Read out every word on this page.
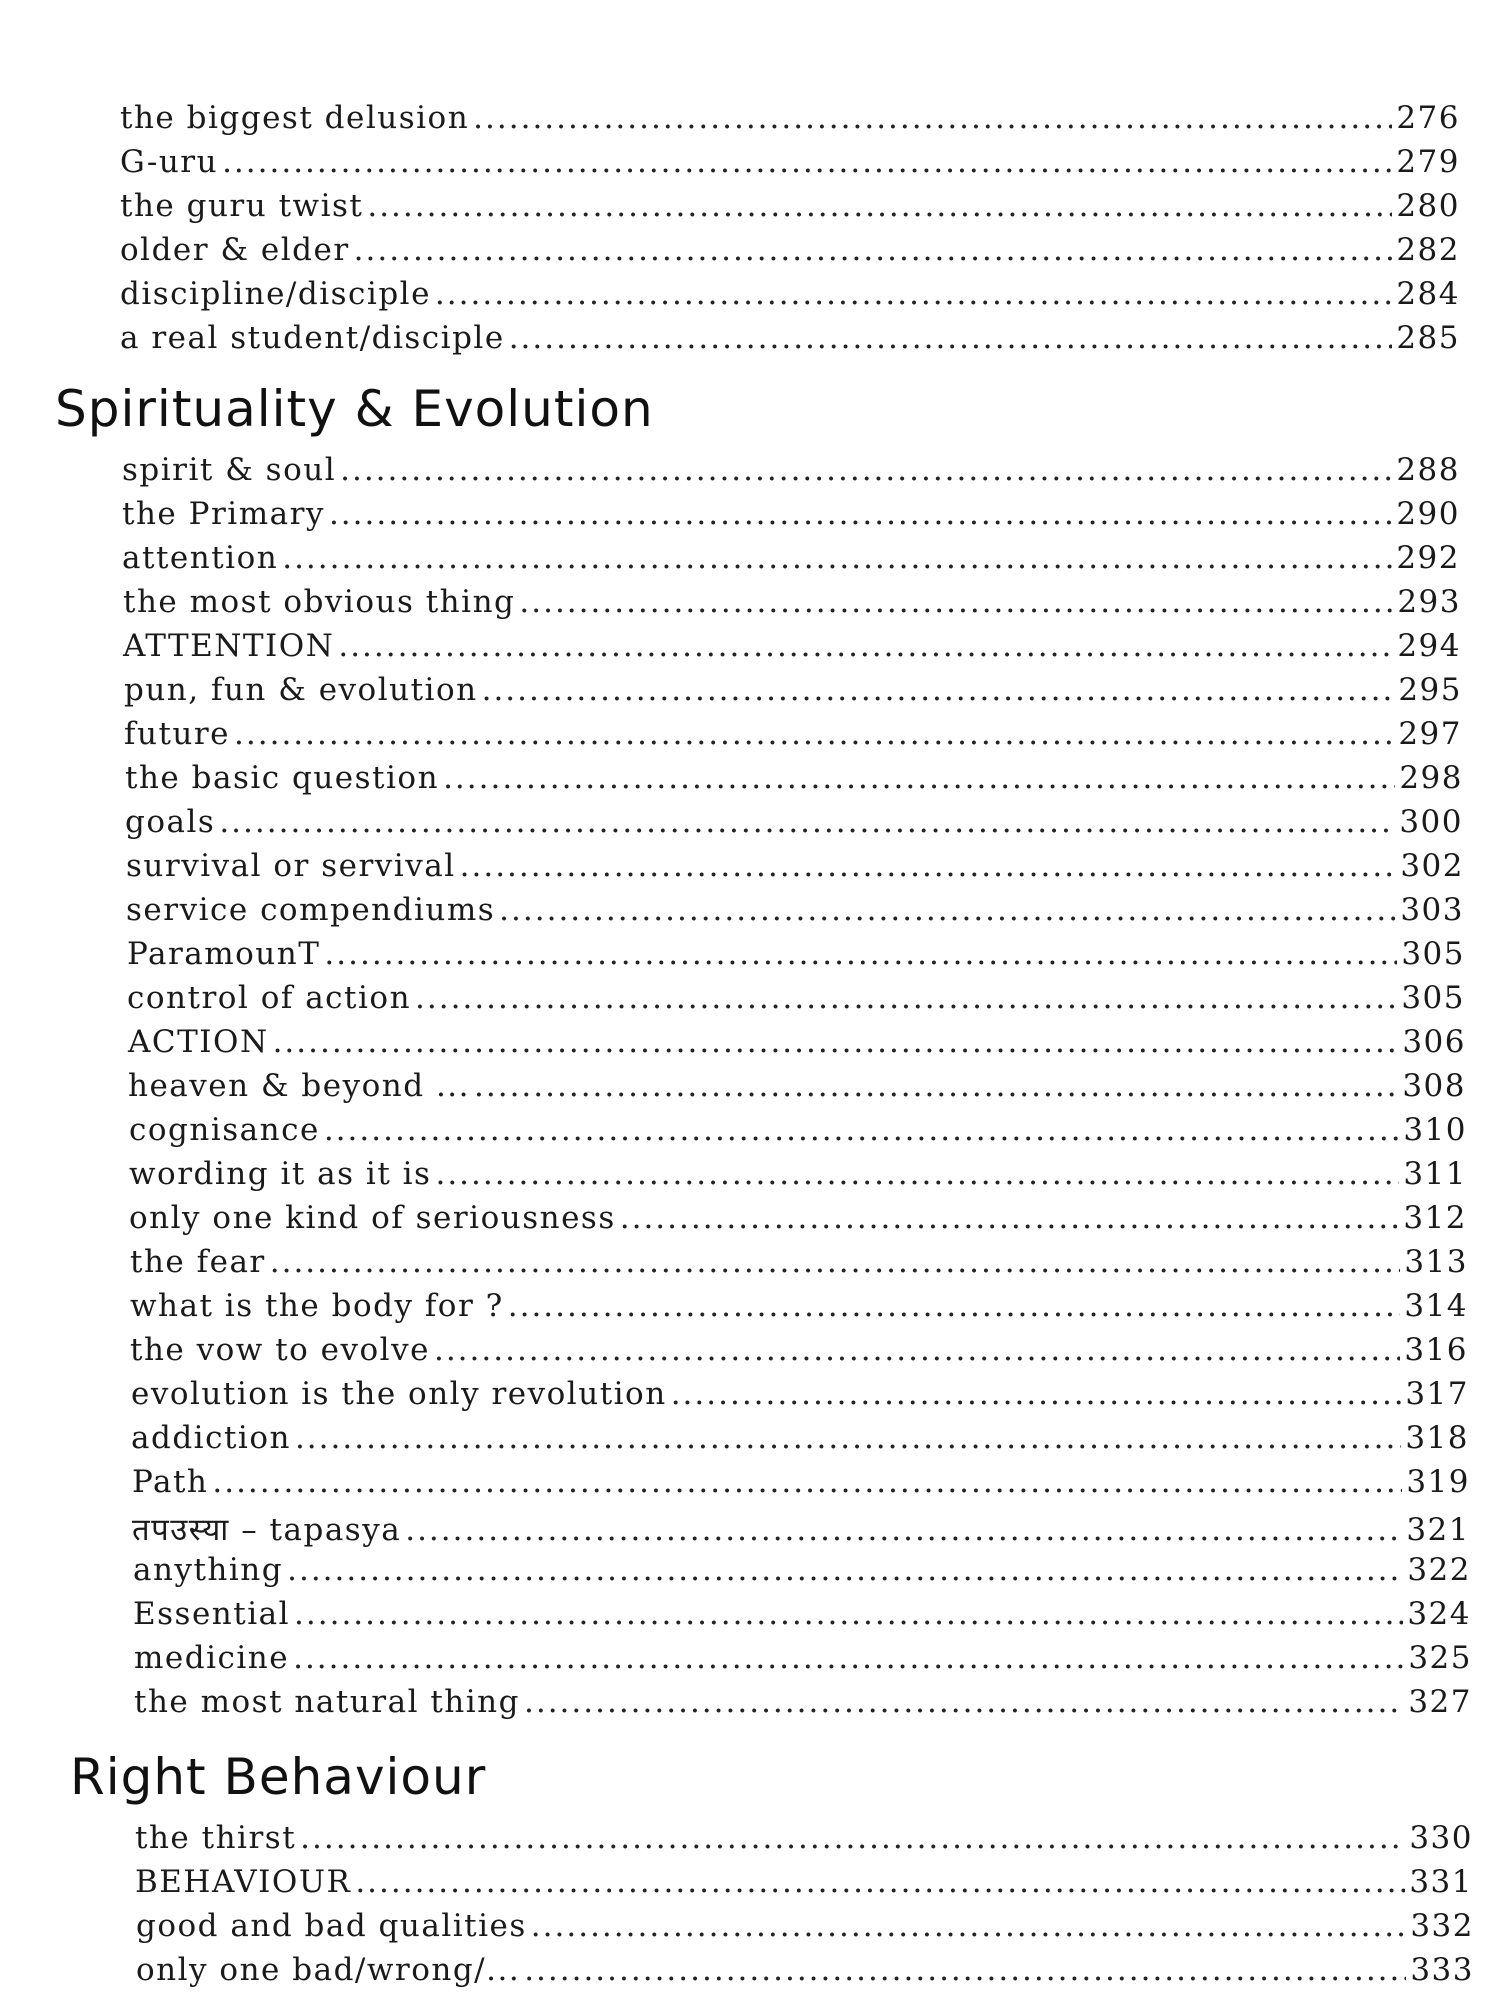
the biggest delusion .....	276
G-uru .....	279
the guru twist .....	280
older & elder .....	282
discipline/disciple .....	284
a real student/disciple .....	285
Spirituality & Evolution
spirit & soul .....	288
the Primary .....	290
attention .....	292
the most obvious thing .....	293
ATTENTION .....	294
pun, fun & evolution .....	295
future .....	297
the basic question .....	298
goals .....	300
survival or servival .....	302
service compendiums .....	303
ParamounT .....	305
control of action .....	305
ACTION .....	306
heaven & beyond ... .....	308
cognisance .....	310
wording it as it is .....	311
only one kind of seriousness .....	312
the fear .....	313
what is the body for ? .....	314
the vow to evolve .....	316
evolution is the only revolution .....	317
addiction .....	318
Path .....	319
तपउस्या – tapasya .....	321
anything .....	322
Essential .....	324
medicine .....	325
the most natural thing .....	327
Right Behaviour
the thirst .....	330
BEHAVIOUR .....	331
good and bad qualities .....	332
only one bad/wrong/... .....	333
